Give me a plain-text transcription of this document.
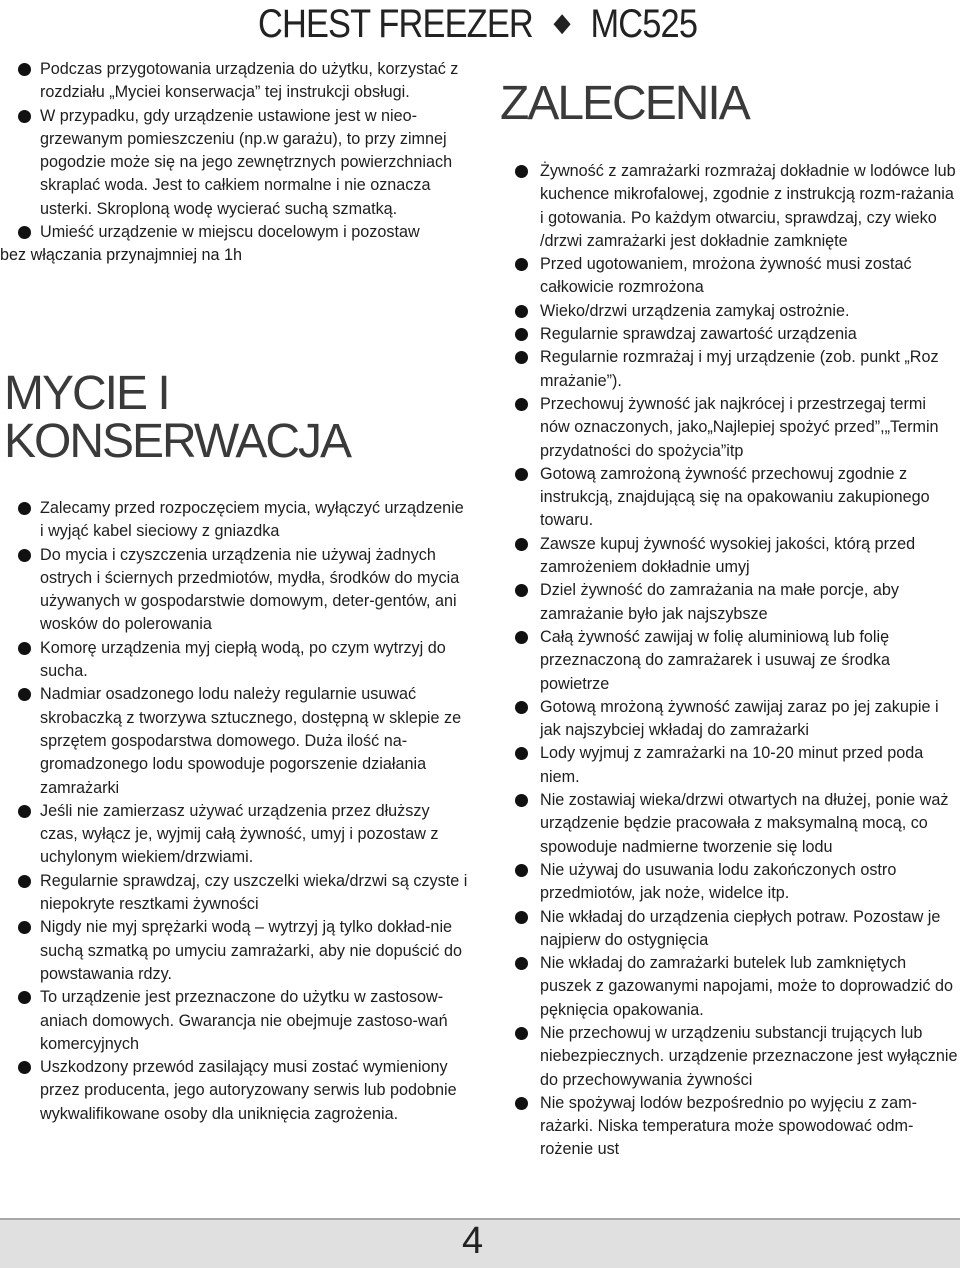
CHEST FREEZER ◆ MC525
Podczas przygotowania urządzenia do użytku, korzystać z rozdziału „Myciei konserwacja” tej instrukcji obsługi.
W przypadku, gdy urządzenie ustawione jest w nieo-grzewanym pomieszczeniu (np.w garażu), to przy zimnej pogodzie może się na jego zewnętrznych powierzchniach skraplać woda. Jest to całkiem normalne i nie oznacza usterki. Skroploną wodę wycierać suchą szmatką.
Umieść urządzenie w miejscu docelowym i pozostaw
bez włączania przynajmniej na 1h
MYCIE I
KONSERWACJA
Zalecamy przed rozpoczęciem mycia, wyłączyć urządzenie i wyjąć kabel sieciowy z gniazdka
Do mycia i czyszczenia urządzenia nie używaj żadnych ostrych i ściernych przedmiotów, mydła, środków do mycia używanych w gospodarstwie domowym, deter-gentów, ani wosków do polerowania
Komorę urządzenia myj ciepłą wodą, po czym wytrzyj do sucha.
Nadmiar osadzonego lodu należy regularnie usuwać skrobaczką z tworzywa sztucznego, dostępną w sklepie ze sprzętem gospodarstwa domowego. Duża ilość na-gromadzonego lodu spowoduje pogorszenie działania zamrażarki
Jeśli nie zamierzasz używać urządzenia przez dłuższy czas, wyłącz je, wyjmij całą żywność, umyj i pozostaw z uchylonym wiekiem/drzwiami.
Regularnie sprawdzaj, czy uszczelki wieka/drzwi są czyste i niepokryte resztkami żywności
Nigdy nie myj sprężarki wodą – wytrzyj ją tylko dokład-nie suchą szmatką po umyciu zamrażarki, aby nie dopuścić do powstawania rdzy.
To urządzenie jest przeznaczone do użytku w zastosow-aniach domowych. Gwarancja nie obejmuje zastoso-wań komercyjnych
Uszkodzony przewód zasilający musi zostać wymieniony przez producenta, jego autoryzowany serwis lub podobnie wykwalifikowane osoby dla uniknięcia zagrożenia.
ZALECENIA
Żywność z zamrażarki rozmrażaj dokładnie w lodówce lub kuchence mikrofalowej, zgodnie z instrukcją rozm-rażania i gotowania. Po każdym otwarciu, sprawdzaj, czy wieko /drzwi zamrażarki jest dokładnie zamknięte
Przed ugotowaniem, mrożona żywność musi zostać całkowicie rozmrożona
Wieko/drzwi urządzenia zamykaj ostrożnie.
Regularnie sprawdzaj zawartość urządzenia
Regularnie rozmrażaj i myj urządzenie (zob. punkt „Roz mrażanie”).
Przechowuj żywność jak najkrócej i przestrzegaj termi nów oznaczonych, jako„Najlepiej spożyć przed”,„Termin przydatności do spożycia”itp
Gotową zamrożoną żywność przechowuj zgodnie z instrukcją, znajdującą się na opakowaniu zakupionego towaru.
Zawsze kupuj żywność wysokiej jakości, którą przed zamrożeniem dokładnie umyj
Dziel żywność do zamrażania na małe porcje, aby zamrażanie było jak najszybsze
Całą żywność zawijaj w folię aluminiową lub folię przeznaczoną do zamrażarek i usuwaj ze środka powietrze
Gotową mrożoną żywność zawijaj zaraz po jej zakupie i jak najszybciej wkładaj do zamrażarki
Lody wyjmuj z zamrażarki na 10-20 minut przed poda niem.
Nie zostawiaj wieka/drzwi otwartych na dłużej, ponie waż urządzenie będzie pracowała z maksymalną mocą, co spowoduje nadmierne tworzenie się lodu
Nie używaj do usuwania lodu zakończonych ostro przedmiotów, jak noże, widelce itp.
Nie wkładaj do urządzenia ciepłych potraw. Pozostaw je najpierw do ostygnięcia
Nie wkładaj do zamrażarki butelek lub zamkniętych puszek z gazowanymi napojami, może to doprowadzić do pęknięcia opakowania.
Nie przechowuj w urządzeniu substancji trujących lub niebezpiecznych. urządzenie przeznaczone jest wyłącznie do przechowywania żywności
Nie spożywaj lodów bezpośrednio po wyjęciu z zam-rażarki. Niska temperatura może spowodować odm-rożenie ust
4
